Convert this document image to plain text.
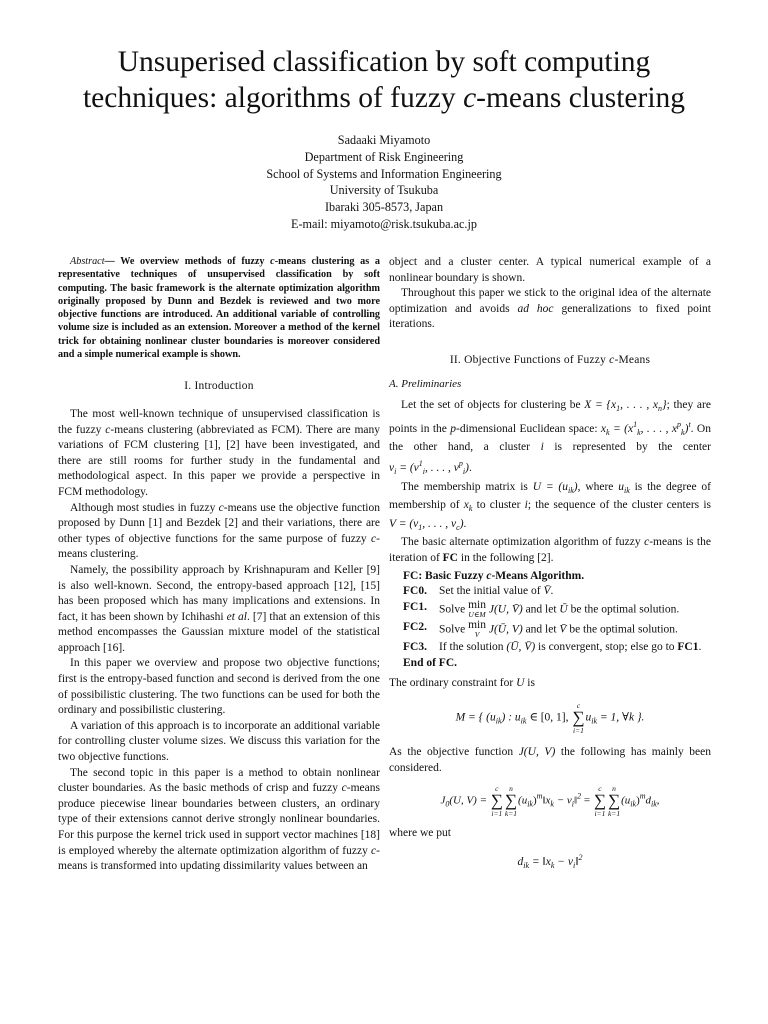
Unsuperised classification by soft computing
techniques: algorithms of fuzzy c-means clustering
Sadaaki Miyamoto
Department of Risk Engineering
School of Systems and Information Engineering
University of Tsukuba
Ibaraki 305-8573, Japan
E-mail: miyamoto@risk.tsukuba.ac.jp

Abstract— We overview methods of fuzzy c-means clustering as a representative techniques of unsupervised classification by soft computing. The basic framework is the alternate optimization algorithm originally proposed by Dunn and Bezdek is reviewed and two more objective functions are introduced. An additional variable of controlling volume size is included as an extension. Moreover a method of the kernel trick for obtaining nonlinear cluster boundaries is moreover considered and a simple numerical example is shown.

I. Introduction

The most well-known technique of unsupervised classification is the fuzzy c-means clustering (abbreviated as FCM). There are many variations of FCM clustering [1], [2] have been investigated, and there are still rooms for further study in the fundamental and methodological aspect. In this paper we provide a perspective in FCM methodology.

Although most studies in fuzzy c-means use the objective function proposed by Dunn [1] and Bezdek [2] and their variations, there are other types of objective functions for the same purpose of fuzzy c-means clustering.

Namely, the possibility approach by Krishnapuram and Keller [9] is also well-known. Second, the entropy-based approach [12], [15] has been proposed which has many implications and extensions. In fact, it has been shown by Ichihashi et al. [7] that an extension of this method encompasses the Gaussian mixture model of the statistical approach [16].

In this paper we overview and propose two objective functions; first is the entropy-based function and second is derived from the one of possibilistic clustering. The two functions can be used for both the ordinary and possibilistic clustering.

A variation of this approach is to incorporate an additional variable for controlling cluster volume sizes. We discuss this variation for the two objective functions.

The second topic in this paper is a method to obtain nonlinear cluster boundaries. As the basic methods of crisp and fuzzy c-means produce piecewise linear boundaries between clusters, an ordinary type of their extensions cannot derive strongly nonlinear boundaries. For this purpose the kernel trick used in support vector machines [18] is employed whereby the alternate optimization algorithm of fuzzy c-means is transformed into updating dissimilarity values between an

object and a cluster center. A typical numerical example of a nonlinear boundary is shown.

Throughout this paper we stick to the original idea of the alternate optimization and avoids ad hoc generalizations to fixed point iterations.

II. Objective Functions of Fuzzy c-Means

A. Preliminaries

Let the set of objects for clustering be $X = \{x_1$, . . . , $x_n$}; they are points in the p-dimensional Euclidean space: $x_k = (x^1_k$, . . . , $x^p_k)^t$. On the other hand, a cluster i is represented by the center $v_i = (v^1_i$, . . . , $v^p_i$).

The membership matrix is $U = (u_{ik})$, where $u_{ik}$ is the degree of membership of $x_k$ to cluster i; the sequence of the cluster centers is $V = (v_1$, . . . , $v_c$).

The basic alternate optimization algorithm of fuzzy c-means is the iteration of FC in the following [2].

FC: Basic Fuzzy c-Means Algorithm.
FC0.	Set the initial value of V̄.
FC1.	Solve min
U∈M J(U, V̄) and let Ū be the optimal solution.
FC2.	Solve min
V J(Ū, V) and let V̄ be the optimal solution.
FC3.	If the solution (Ū, V̄) is convergent, stop; else go to FC1.
End of FC.

The ordinary constraint for U is

M = { $(u_{ik})$ : $u_{ik}$ ∈ [0, 1],
c
∑
i=1
$u_{ik} = 1$, ∀k }.

As the objective function J(U, V) the following has mainly been considered.

$J_0(U$, V) =
c
∑
i=1
n
∑
k=1
$(u_{ik})^m‖x_k$ − $v_i‖^2$ =
c
∑
i=1
n
∑
k=1
$(u_{ik})^md_{ik}$,

where we put

$d_{ik}$ = $‖x_k$ − $v_i‖^2$
